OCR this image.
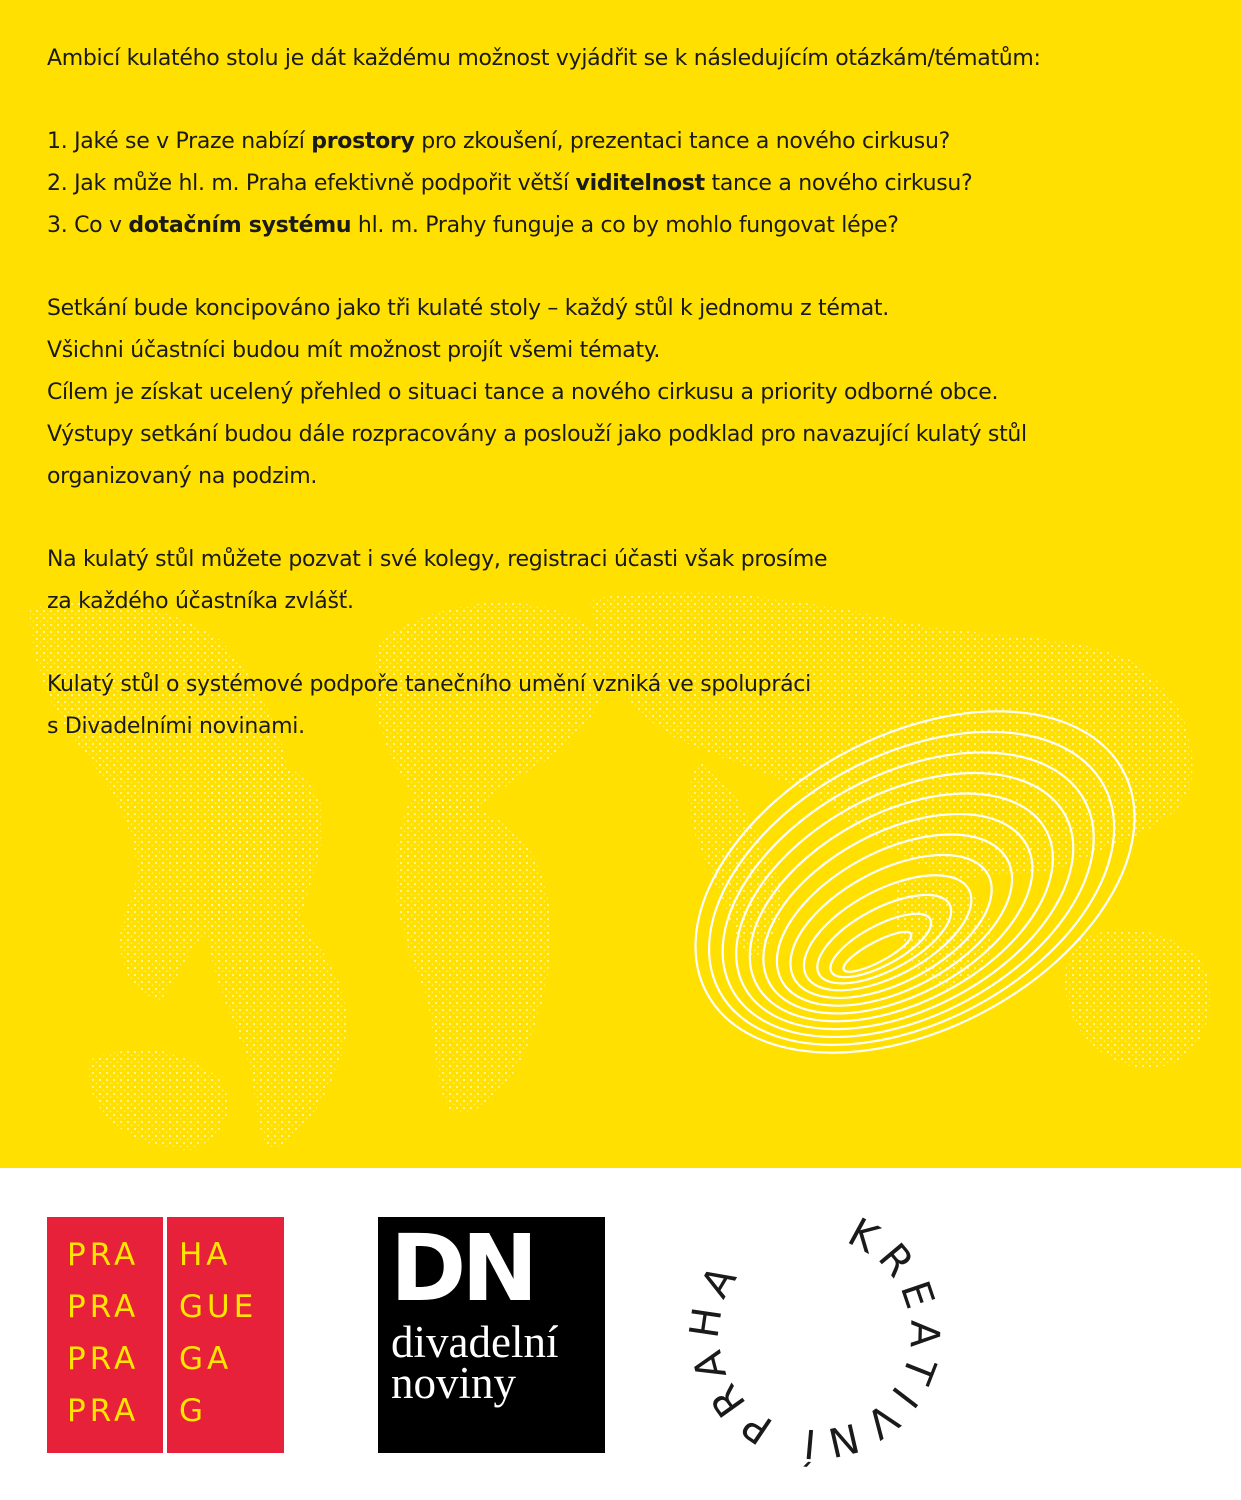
Ambicí kulatého stolu je dát každému možnost vyjádřit se k následujícím otázkám/tématům:
1. Jaké se v Praze nabízí prostory pro zkoušení, prezentaci tance a nového cirkusu?
2. Jak může hl. m. Praha efektivně podpořit větší viditelnost tance a nového cirkusu?
3. Co v dotačním systému hl. m. Prahy funguje a co by mohlo fungovat lépe?
Setkání bude koncipováno jako tři kulaté stoly – každý stůl k jednomu z témat.
Všichni účastníci budou mít možnost projít všemi tématy.
Cílem je získat ucelený přehled o situaci tance a nového cirkusu a priority odborné obce.
Výstupy setkání budou dále rozpracovány a poslouží jako podklad pro navazující kulatý stůl
organizovaný na podzim.
Na kulatý stůl můžete pozvat i své kolegy, registraci účasti však prosíme
za každého účastníka zvlášť.
Kulatý stůl o systémové podpoře tanečního umění vzniká ve spolupráci
s Divadelními novinami.
PRA HA
PRA GUE
PRA GA
PRA G
DN
divadelní
noviny
KREATIVNÍ PRAHA
